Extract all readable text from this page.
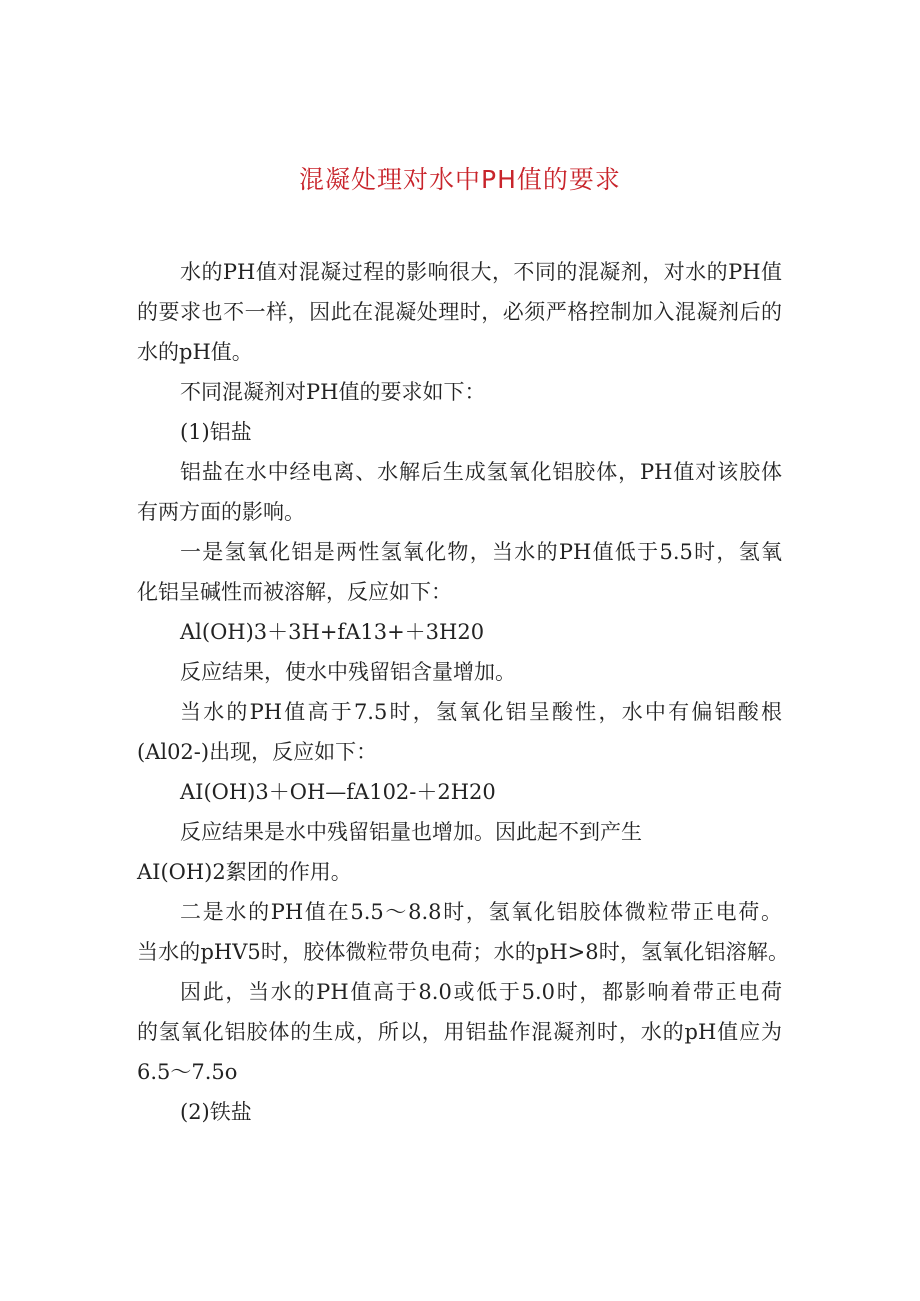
混凝处理对水中PH值的要求
水的PH值对混凝过程的影响很大，不同的混凝剂，对水的PH值
的要求也不一样，因此在混凝处理时，必须严格控制加入混凝剂后的
水的pH值。
不同混凝剂对PH值的要求如下：
(1)铝盐
铝盐在水中经电离、水解后生成氢氧化铝胶体，PH值对该胶体
有两方面的影响。
一是氢氧化铝是两性氢氧化物，当水的PH值低于5.5时，氢氧
化铝呈碱性而被溶解，反应如下：
Al(OH)3＋3H+fA13+＋3H20
反应结果，使水中残留铝含量增加。
当水的PH值高于7.5时，氢氧化铝呈酸性，水中有偏铝酸根
(Al02-)出现，反应如下：
AI(OH)3＋OH—fA102-＋2H20
反应结果是水中残留铝量也增加。因此起不到产生
AI(OH)2絮团的作用。
二是水的PH值在5.5～8.8时，氢氧化铝胶体微粒带正电荷。
当水的pHV5时，胶体微粒带负电荷；水的pH>8时，氢氧化铝溶解。
因此，当水的PH值高于8.0或低于5.0时，都影响着带正电荷
的氢氧化铝胶体的生成，所以，用铝盐作混凝剂时，水的pH值应为
6.5～7.5o
(2)铁盐
